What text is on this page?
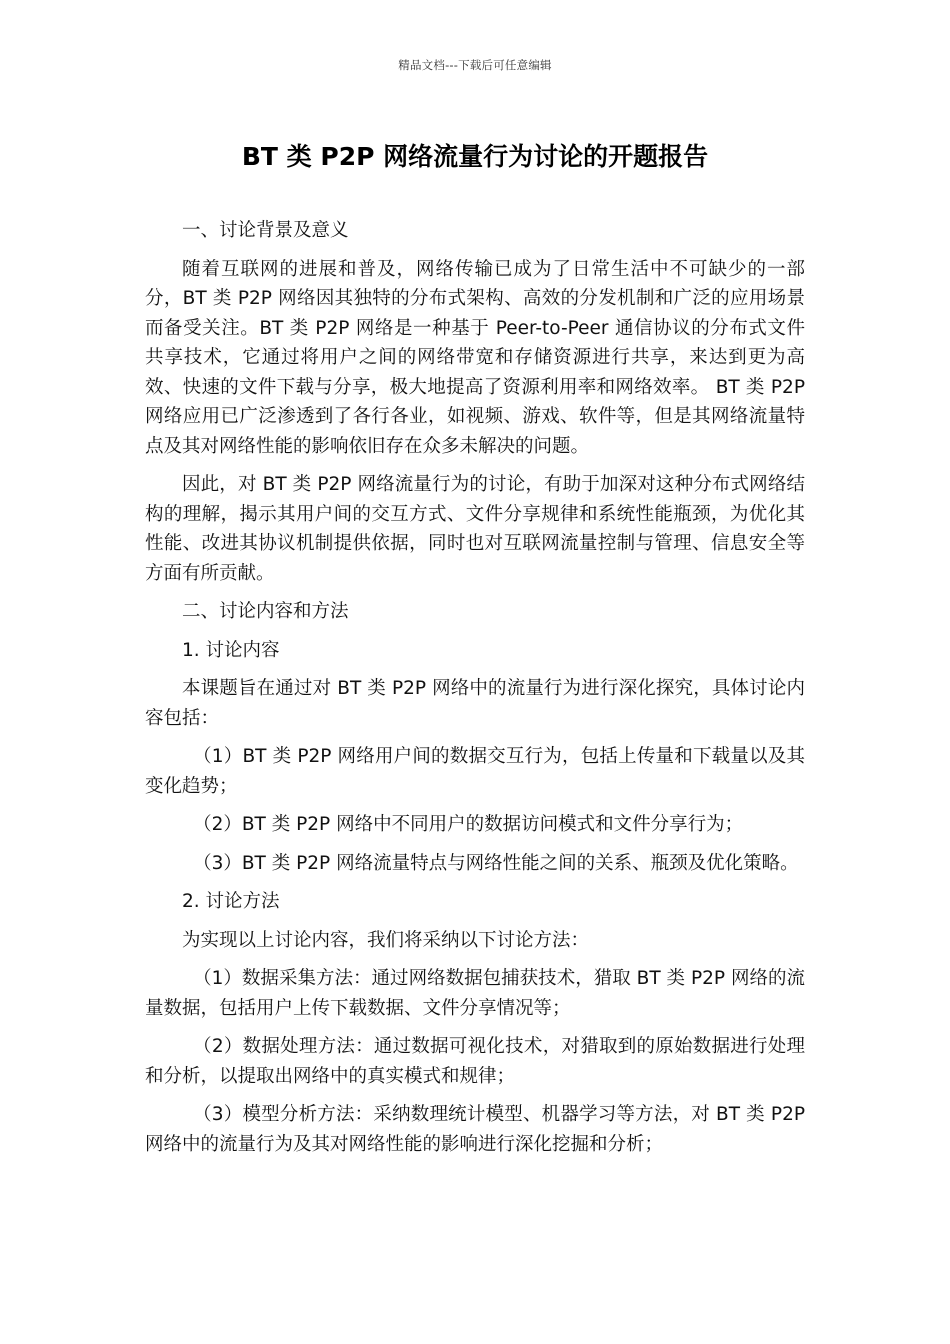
精品文档---下载后可任意编辑
BT 类 P2P 网络流量行为讨论的开题报告

一、讨论背景及意义

随着互联网的进展和普及，网络传输已成为了日常生活中不可缺少的一部分，BT 类 P2P 网络因其独特的分布式架构、高效的分发机制和广泛的应用场景而备受关注。BT 类 P2P 网络是一种基于 Peer-to-Peer 通信协议的分布式文件共享技术，它通过将用户之间的网络带宽和存储资源进行共享，来达到更为高效、快速的文件下载与分享，极大地提高了资源利用率和网络效率。 BT 类 P2P 网络应用已广泛渗透到了各行各业，如视频、游戏、软件等，但是其网络流量特点及其对网络性能的影响依旧存在众多未解决的问题。

因此，对 BT 类 P2P 网络流量行为的讨论，有助于加深对这种分布式网络结构的理解，揭示其用户间的交互方式、文件分享规律和系统性能瓶颈，为优化其性能、改进其协议机制提供依据，同时也对互联网流量控制与管理、信息安全等方面有所贡献。

二、讨论内容和方法

1. 讨论内容

本课题旨在通过对 BT 类 P2P 网络中的流量行为进行深化探究，具体讨论内容包括：

（1）BT 类 P2P 网络用户间的数据交互行为，包括上传量和下载量以及其变化趋势；

（2）BT 类 P2P 网络中不同用户的数据访问模式和文件分享行为；

（3）BT 类 P2P 网络流量特点与网络性能之间的关系、瓶颈及优化策略。

2. 讨论方法

为实现以上讨论内容，我们将采纳以下讨论方法：

（1）数据采集方法：通过网络数据包捕获技术，猎取 BT 类 P2P 网络的流量数据，包括用户上传下载数据、文件分享情况等；

（2）数据处理方法：通过数据可视化技术，对猎取到的原始数据进行处理和分析，以提取出网络中的真实模式和规律；

（3）模型分析方法：采纳数理统计模型、机器学习等方法，对 BT 类 P2P 网络中的流量行为及其对网络性能的影响进行深化挖掘和分析；
